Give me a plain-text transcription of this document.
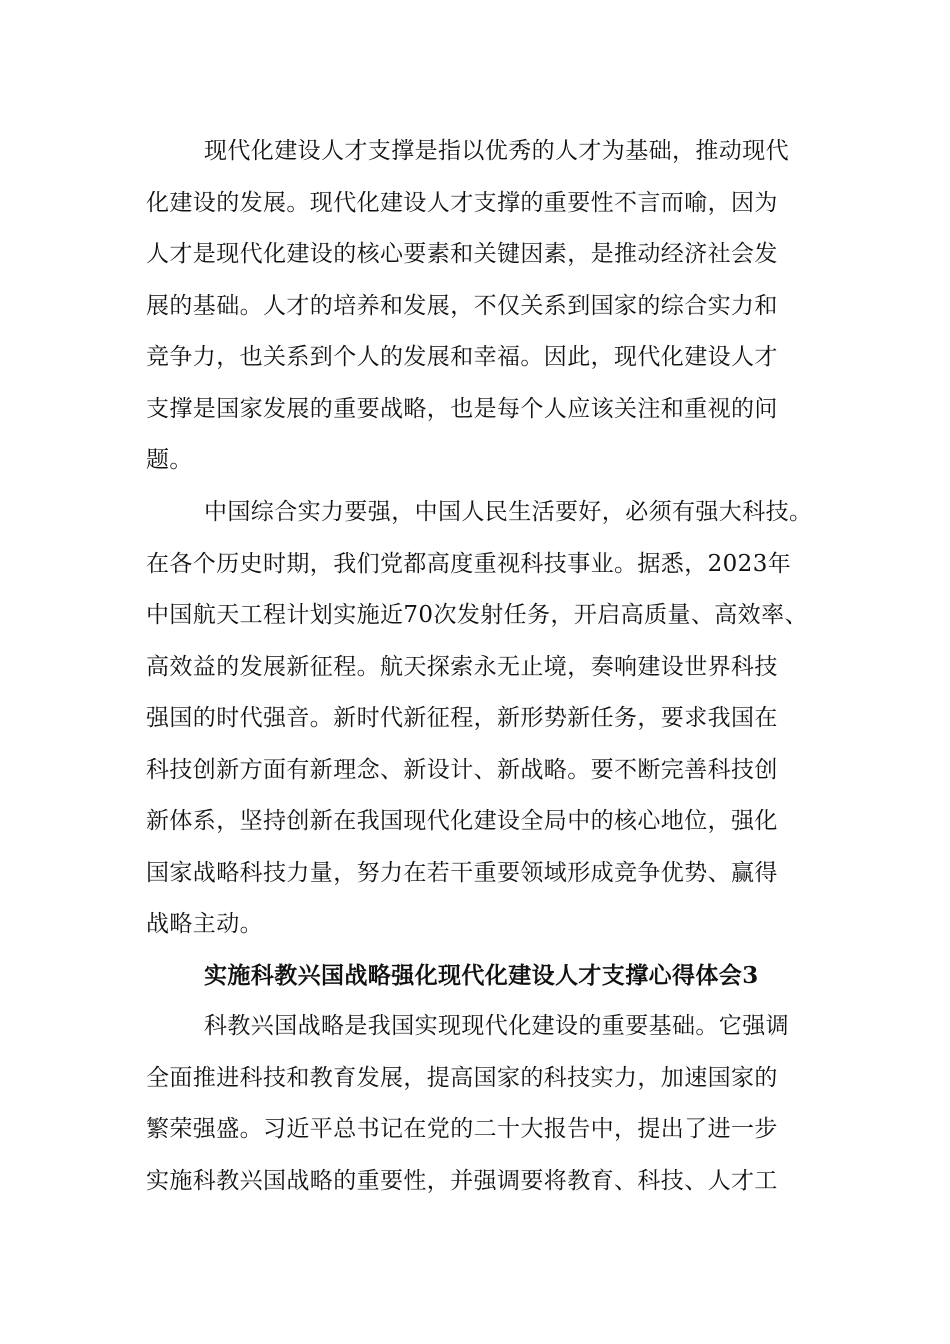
现代化建设人才支撑是指以优秀的人才为基础，推动现代
化建设的发展。现代化建设人才支撑的重要性不言而喻，因为
人才是现代化建设的核心要素和关键因素，是推动经济社会发
展的基础。人才的培养和发展，不仅关系到国家的综合实力和
竞争力，也关系到个人的发展和幸福。因此，现代化建设人才
支撑是国家发展的重要战略，也是每个人应该关注和重视的问
题。
中国综合实力要强，中国人民生活要好，必须有强大科技。
在各个历史时期，我们党都高度重视科技事业。据悉，2023年
中国航天工程计划实施近70次发射任务，开启高质量、高效率、
高效益的发展新征程。航天探索永无止境，奏响建设世界科技
强国的时代强音。新时代新征程，新形势新任务，要求我国在
科技创新方面有新理念、新设计、新战略。要不断完善科技创
新体系，坚持创新在我国现代化建设全局中的核心地位，强化
国家战略科技力量，努力在若干重要领域形成竞争优势、赢得
战略主动。
实施科教兴国战略强化现代化建设人才支撑心得体会3
科教兴国战略是我国实现现代化建设的重要基础。它强调
全面推进科技和教育发展，提高国家的科技实力，加速国家的
繁荣强盛。习近平总书记在党的二十大报告中，提出了进一步
实施科教兴国战略的重要性，并强调要将教育、科技、人才工
